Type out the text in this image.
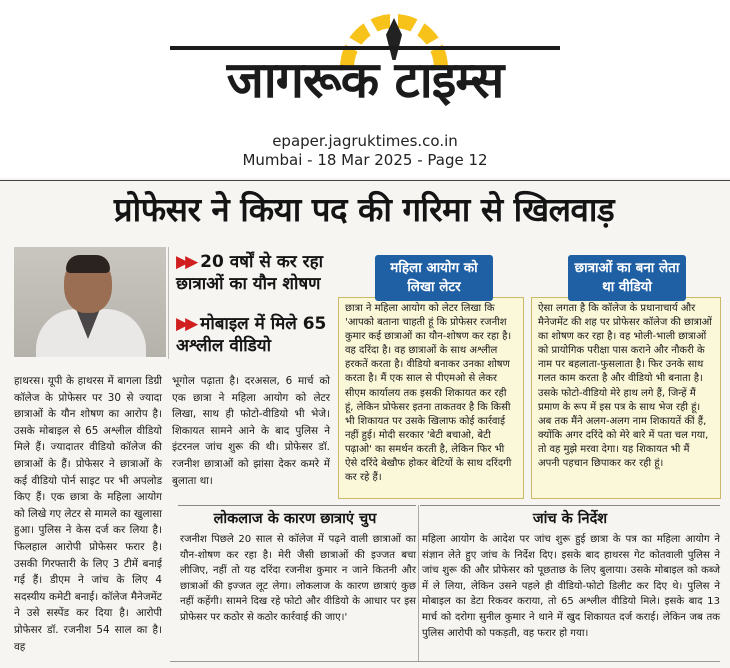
जागरूक टाइम्स
epaper.jagruktimes.co.in
Mumbai - 18 Mar 2025 - Page 12
प्रोफेसर ने किया पद की गरिमा से खिलवाड़
▶▶ 20 वर्षों से कर रहा छात्राओं का यौन शोषण
▶▶ मोबाइल में मिले 65 अश्लील वीडियो
हाथरस। यूपी के हाथरस में बागला डिग्री कॉलेज के प्रोफेसर पर 30 से ज्यादा छात्राओं के यौन शोषण का आरोप है। उसके मोबाइल से 65 अश्लील वीडियो मिले हैं। ज्यादातर वीडियो कॉलेज की छात्राओं के हैं। प्रोफेसर ने छात्राओं के कई वीडियो पोर्न साइट पर भी अपलोड किए हैं। एक छात्रा के महिला आयोग को लिखे गए लेटर से मामले का खुलासा हुआ। पुलिस ने केस दर्ज कर लिया है। फिलहाल आरोपी प्रोफेसर फरार है। उसकी गिरफ्तारी के लिए 3 टीमें बनाई गई हैं। डीएम ने जांच के लिए 4 सदस्यीय कमेटी बनाई। कॉलेज मैनेजमेंट ने उसे सस्पेंड कर दिया है। आरोपी प्रोफेसर डॉ. रजनीश 54 साल का है। वह
भूगोल पढ़ाता है। दरअसल, 6 मार्च को एक छात्रा ने महिला आयोग को लेटर लिखा, साथ ही फोटो-वीडियो भी भेजे। शिकायत सामने आने के बाद पुलिस ने इंटरनल जांच शुरू की थी। प्रोफेसर डॉ. रजनीश छात्राओं को झांसा देकर कमरे में बुलाता था।
छात्रा ने महिला आयोग को लेटर लिखा कि 'आपको बताना चाहती हूं कि प्रोफेसर रजनीश कुमार कई छात्राओं का यौन-शोषण कर रहा है। वह दरिंदा है। वह छात्राओं के साथ अश्लील हरकतें करता है। वीडियो बनाकर उनका शोषण करता है। मैं एक साल से पीएमओ से लेकर सीएम कार्यालय तक इसकी शिकायत कर रही हूं, लेकिन प्रोफेसर इतना ताकतवर है कि किसी भी शिकायत पर उसके खिलाफ कोई कार्रवाई नहीं हुई। मोदी सरकार 'बेटी बचाओ, बेटी पढ़ाओ' का समर्थन करती है, लेकिन फिर भी ऐसे दरिंदे बेखौफ होकर बेटियों के साथ दरिंदगी कर रहे हैं।
महिला आयोग को लिखा लेटर
ऐसा लगता है कि कॉलेज के प्रधानाचार्य और मैनेजमेंट की शह पर प्रोफेसर कॉलेज की छात्राओं का शोषण कर रहा है। वह भोली-भाली छात्राओं को प्रायोगिक परीक्षा पास कराने और नौकरी के नाम पर बहलाता-फुसलाता है। फिर उनके साथ गलत काम करता है और वीडियो भी बनाता है। उसके फोटो-वीडियो मेरे हाथ लगे हैं, जिन्हें मैं प्रमाण के रूप में इस पत्र के साथ भेज रही हूं। अब तक मैंने अलग-अलग नाम शिकायतें कीं हैं, क्योंकि अगर दरिंदे को मेरे बारे में पता चल गया, तो वह मुझे मरवा देगा। यह शिकायत भी मैं अपनी पहचान छिपाकर कर रही हूं।
छात्राओं का बना लेता था वीडियो
लोकलाज के कारण छात्राएं चुप
रजनीश पिछले 20 साल से कॉलेज में पढ़ने वाली छात्राओं का यौन-शोषण कर रहा है। मेरी जैसी छात्राओं की इज्जत बचा लीजिए, नहीं तो यह दरिंदा रजनीश कुमार न जाने कितनी और छात्राओं की इज्जत लूट लेगा। लोकलाज के कारण छात्राएं कुछ नहीं कहेंगी। सामने दिख रहे फोटो और वीडियो के आधार पर इस प्रोफेसर पर कठोर से कठोर कार्रवाई की जाए।'
जांच के निर्देश
महिला आयोग के आदेश पर जांच शुरू हुई छात्रा के पत्र का महिला आयोग ने संज्ञान लेते हुए जांच के निर्देश दिए। इसके बाद हाथरस गेट कोतवाली पुलिस ने जांच शुरू की और प्रोफेसर को पूछताछ के लिए बुलाया। उसके मोबाइल को कब्जे में ले लिया, लेकिन उसने पहले ही वीडियो-फोटो डिलीट कर दिए थे। पुलिस ने मोबाइल का डेटा रिकवर कराया, तो 65 अश्लील वीडियो मिले। इसके बाद 13 मार्च को दरोगा सुनील कुमार ने थाने में खुद शिकायत दर्ज कराई। लेकिन जब तक पुलिस आरोपी को पकड़ती, वह फरार हो गया।
